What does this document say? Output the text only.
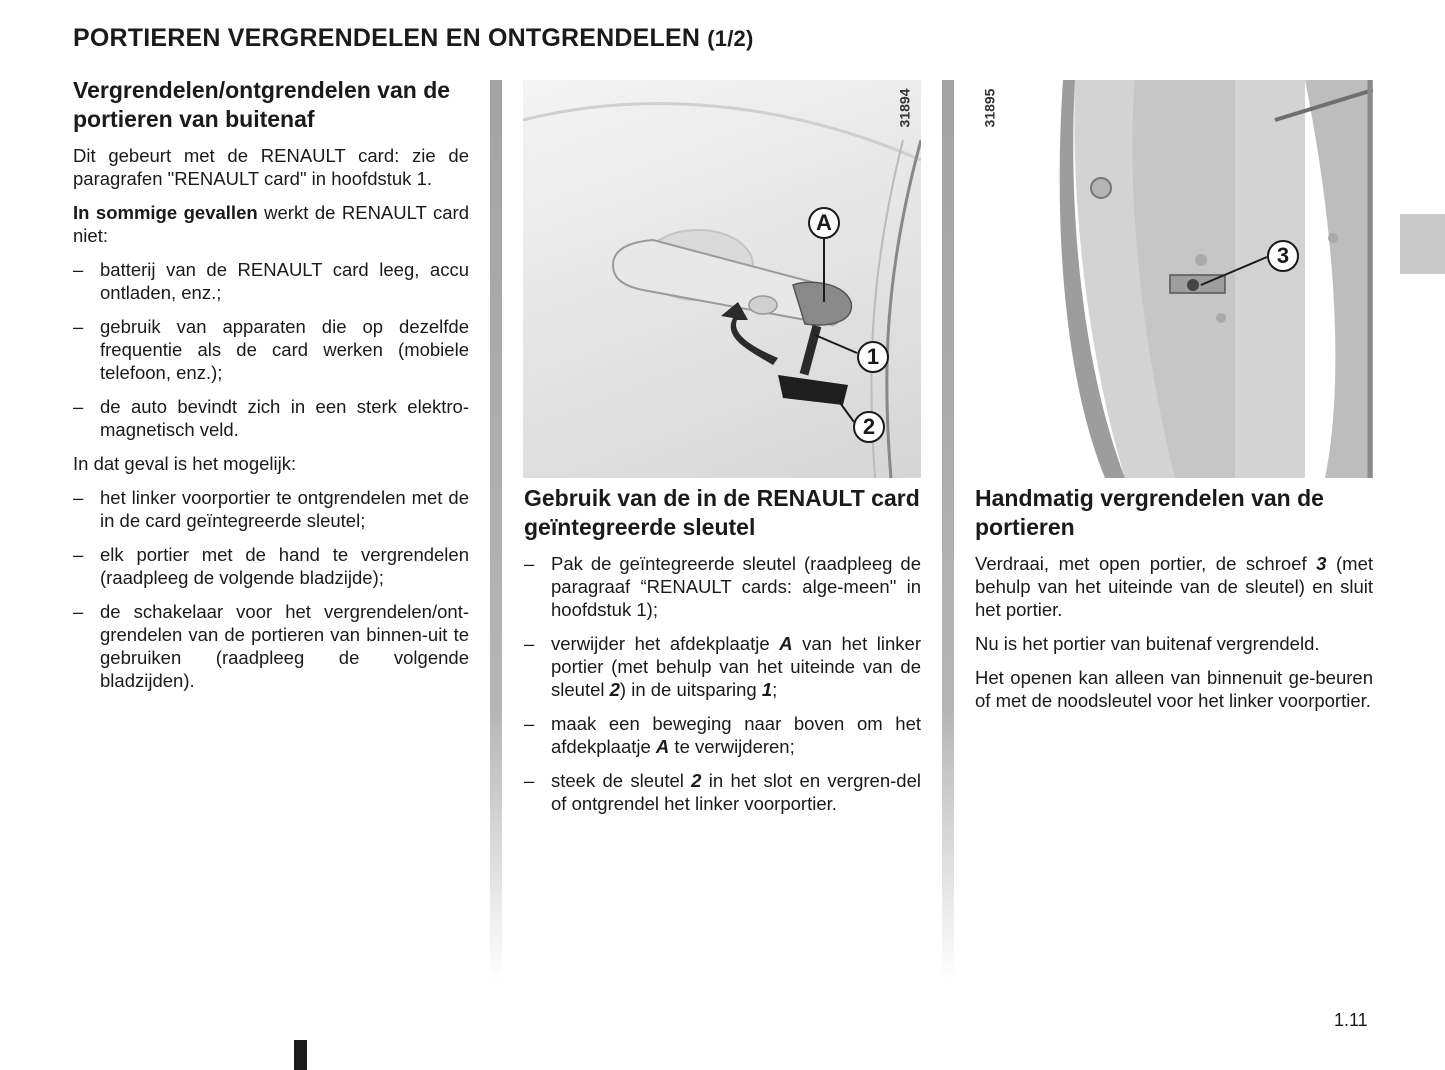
PORTIEREN VERGRENDELEN EN ONTGRENDELEN (1/2)
Vergrendelen/ontgrendelen van de portieren van buitenaf

Dit gebeurt met de RENAULT card: zie de paragrafen "RENAULT card" in hoofdstuk 1.

In sommige gevallen werkt de RENAULT card niet:

– batterij van de RENAULT card leeg, accu ontladen, enz.;
– gebruik van apparaten die op dezelfde frequentie als de card werken (mobiele telefoon, enz.);
– de auto bevindt zich in een sterk elektro-magnetisch veld.

In dat geval is het mogelijk:

– het linker voorportier te ontgrendelen met de in de card geïntegreerde sleutel;
– elk portier met de hand te vergrendelen (raadpleeg de volgende bladzijde);
– de schakelaar voor het vergrendelen/ont-grendelen van de portieren van binnen-uit te gebruiken (raadpleeg de volgende bladzijden).
31894
A
1
2
Gebruik van de in de RENAULT card geïntegreerde sleutel
– Pak de geïntegreerde sleutel (raadpleeg de paragraaf “RENAULT cards: alge-meen" in hoofdstuk 1);
– verwijder het afdekplaatje A van het linker portier (met behulp van het uiteinde van de sleutel 2) in de uitsparing 1;
– maak een beweging naar boven om het afdekplaatje A te verwijderen;
– steek de sleutel 2 in het slot en vergren-del of ontgrendel het linker voorportier.
31895
3
Handmatig vergrendelen van de portieren

Verdraai, met open portier, de schroef 3 (met behulp van het uiteinde van de sleutel) en sluit het portier.

Nu is het portier van buitenaf vergrendeld.

Het openen kan alleen van binnenuit ge-beuren of met de noodsleutel voor het linker voorportier.

1.11
